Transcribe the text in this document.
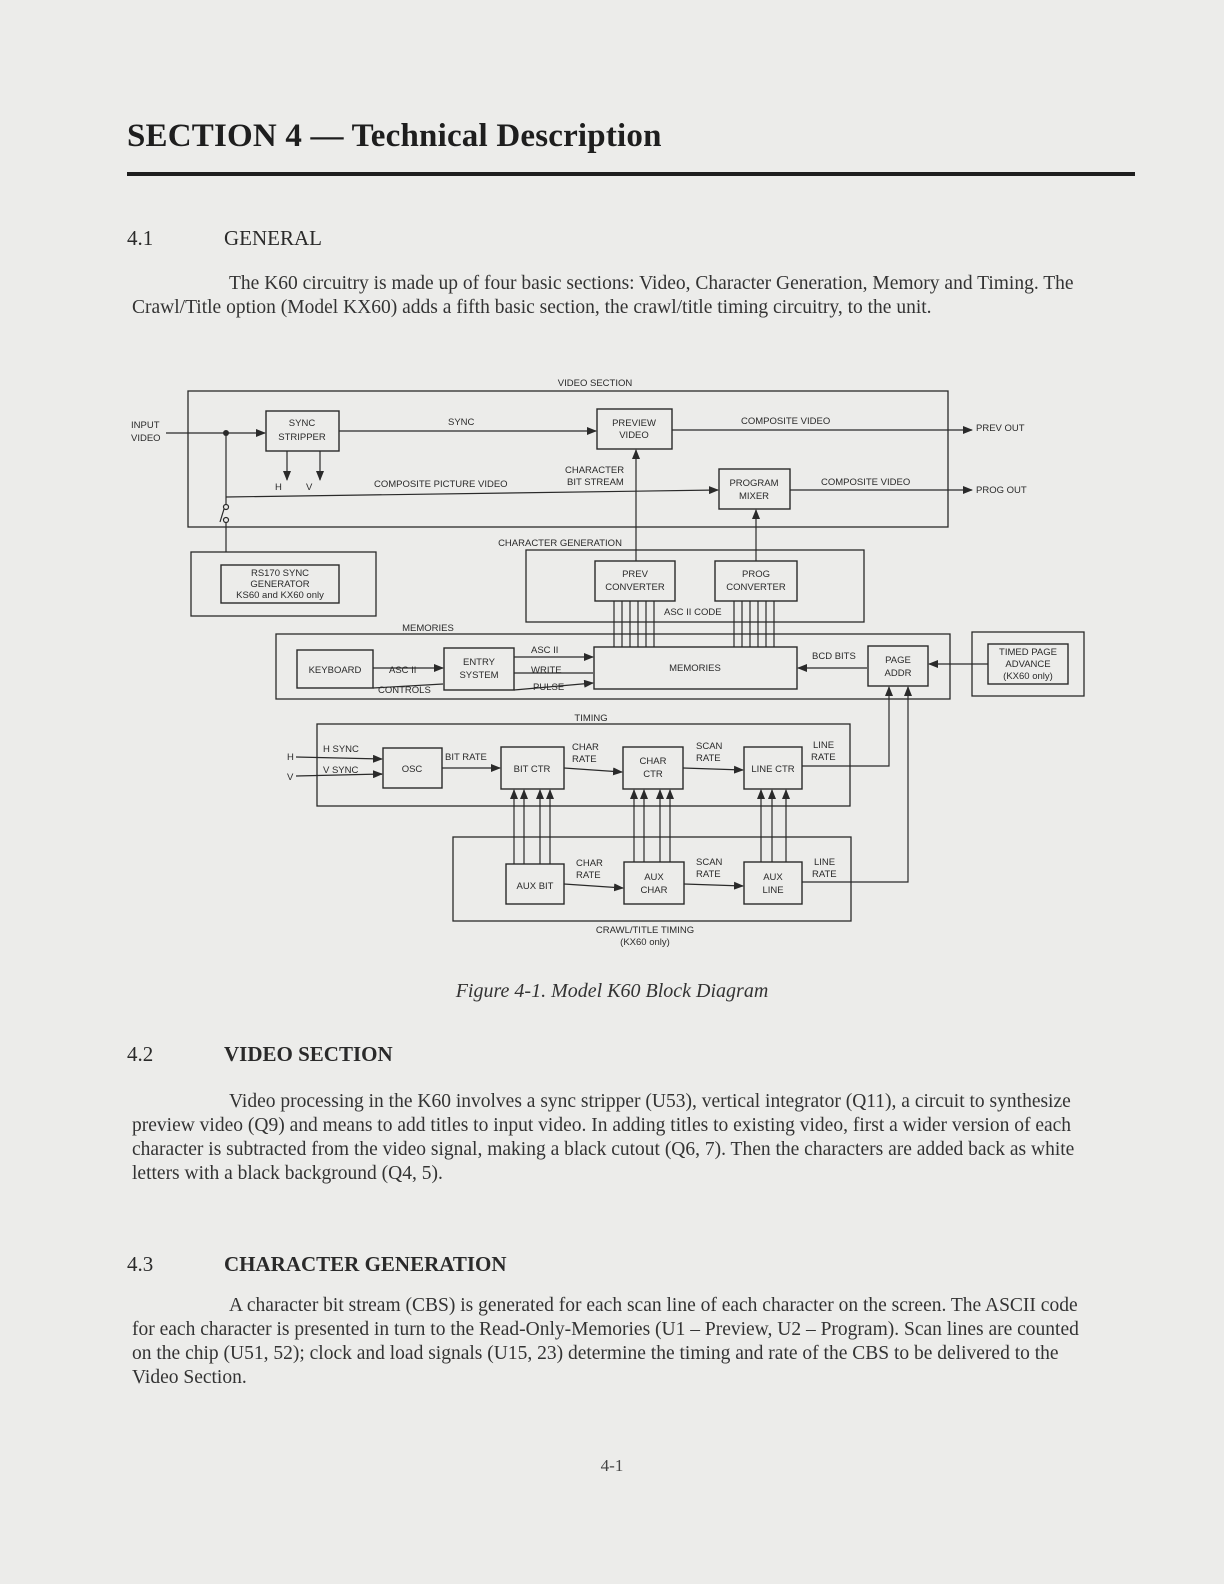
SECTION 4 — Technical Description
4.1	GENERAL

The K60 circuitry is made up of four basic sections: Video, Character Generation, Memory and Timing. The Crawl/Title option (Model KX60) adds a fifth basic section, the crawl/title timing circuitry, to the unit.

VIDEO SECTION
CHARACTER GENERATION
MEMORIES
TIMING
CRAWL/TITLE TIMING
(KX60 only)
SYNC
STRIPPER
PREVIEW
VIDEO
PROGRAM
MIXER
RS170 SYNC
GENERATOR
KS60 and KX60 only
PREV
CONVERTER
PROG
CONVERTER
KEYBOARD
ENTRY
SYSTEM
MEMORIES
PAGE
ADDR
TIMED PAGE
ADVANCE
(KX60 only)
OSC	BIT CTR
CHAR
CTR	LINE CTR
AUX BIT
AUX
CHAR
AUX
LINE
INPUT
VIDEO
COMPOSITE PICTURE VIDEO
SYNC
H	V
COMPOSITE VIDEO
PREV OUT
COMPOSITE VIDEO
PROG OUT
CHARACTER
BIT STREAM
ASC II CODE
ASC II
CONTROLS
ASC II
WRITE
PULSE
BCD BITS
H
V
H SYNC
V SYNC
BIT RATE
CHAR
RATE
SCAN
RATE
LINE
RATE
CHAR
RATE
SCAN
RATE
LINE
RATE
Figure 4-1. Model K60 Block Diagram
4.2	VIDEO SECTION

Video processing in the K60 involves a sync stripper (U53), vertical integrator (Q11), a circuit to synthesize preview video (Q9) and means to add titles to input video. In adding titles to existing video, first a wider version of each character is subtracted from the video signal, making a black cutout (Q6, 7). Then the characters are added back as white letters with a black background (Q4, 5).

4.3	CHARACTER GENERATION

A character bit stream (CBS) is generated for each scan line of each character on the screen. The ASCII code for each character is presented in turn to the Read-Only-Memories (U1 – Preview, U2 – Program). Scan lines are counted on the chip (U51, 52); clock and load signals (U15, 23) determine the timing and rate of the CBS to be delivered to the Video Section.

4-1
